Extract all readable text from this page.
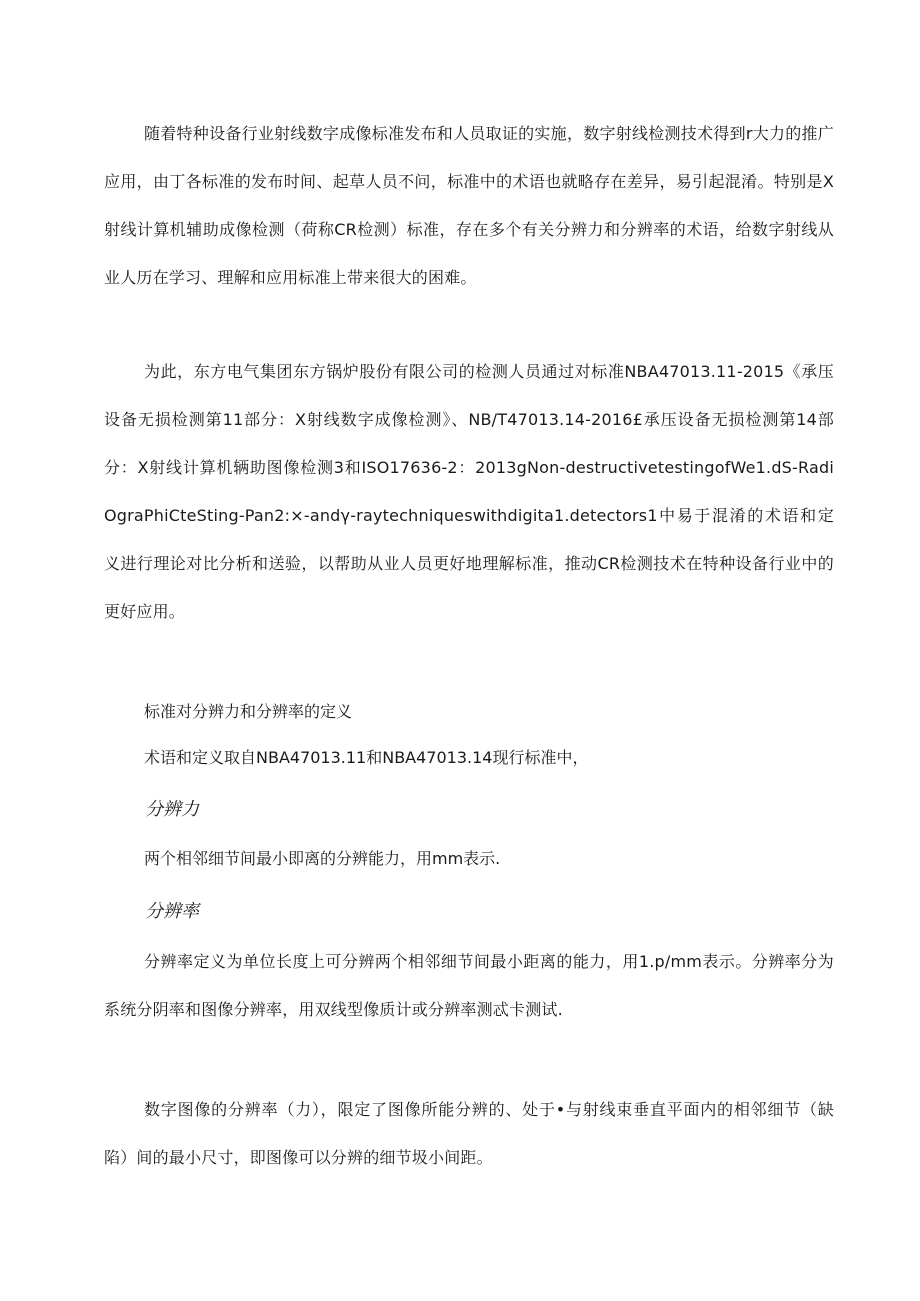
随着特种设备行业射线数字成像标准发布和人员取证的实施，数字射线检测技术得到r大力的推广应用，由丁各标准的发布时间、起草人员不问，标准中的术语也就略存在差异，易引起混淆。特别是X射线计算机辅助成像检测（荷称CR检测）标准，存在多个有关分辨力和分辨率的术语，给数字射线从业人历在学习、理解和应用标准上带来很大的困难。

为此，东方电气集团东方锅炉股份有限公司的检测人员通过对标准NBA47013.11-2015《承压设备无损检测第11部分：X射线数字成像检测》、NB/T47013.14-2016£承压设备无损检测第14部分：X射线计算机辆助图像检测3和ISO17636-2：2013gNon-destructivetestingofWe1.dS-RadiOgraPhiCteSting-Pan2:×-andγ-raytechniqueswithdigita1.detectors1中易于混淆的术语和定义进行理论对比分析和送验，以帮助从业人员更好地理解标准，推动CR检测技术在特种设备行业中的更好应用。

标准对分辨力和分辨率的定义

术语和定义取自NBA47013.11和NBA47013.14现行标准中，

分辨力

两个相邻细节间最小即离的分辨能力，用mm表示.

分辨率

分辨率定义为单位长度上可分辨两个相邻细节间最小距离的能力，用1.p∕mm表示。分辨率分为系统分阴率和图像分辨率，用双线型像质计或分辨率测忒卡测试.

数字图像的分辨率（力），限定了图像所能分辨的、处于•与射线束垂直平面内的相邻细节（缺陷）间的最小尺寸，即图像可以分辨的细节圾小间距。
